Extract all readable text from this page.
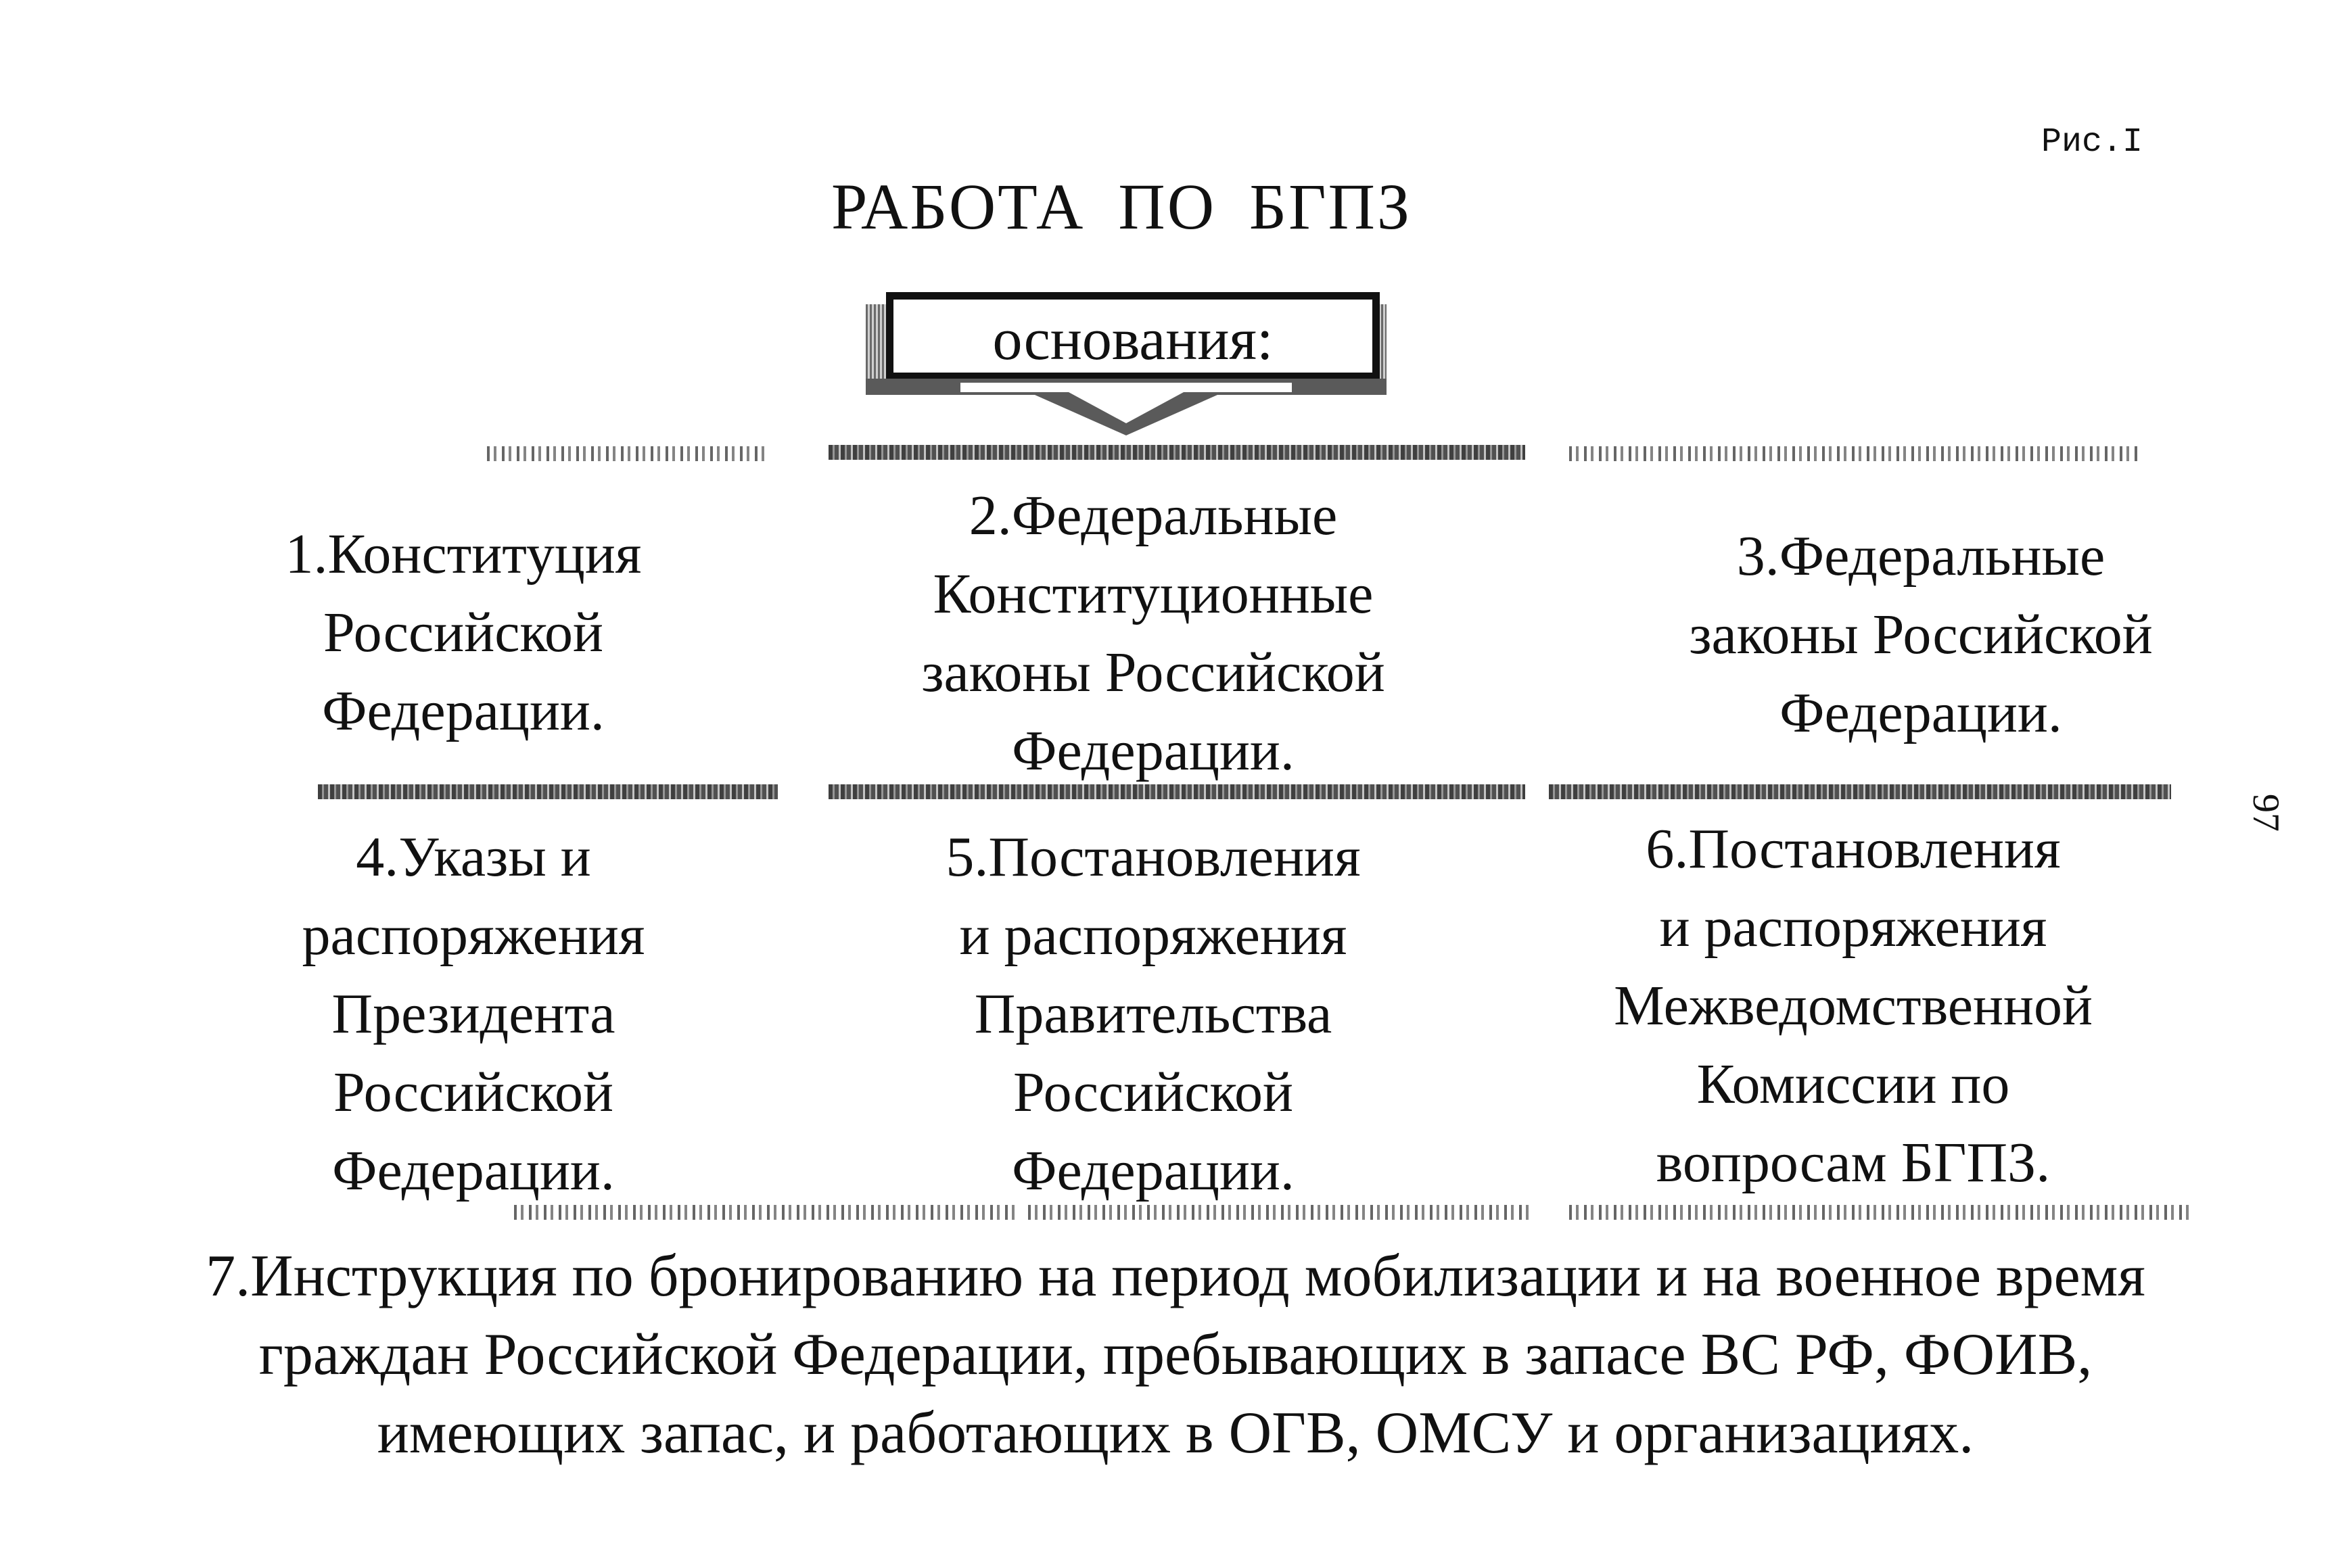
Рис.I
РАБОТА ПО БГПЗ
основания:
1.Конституция
Российской
Федерации.
2.Федеральные
Конституционные
законы Российской
Федерации.
3.Федеральные
законы Российской
Федерации.
4.Указы и
распоряжения
Президента
Российской
Федерации.
5.Постановления
и распоряжения
Правительства
Российской
Федерации.
6.Постановления
и распоряжения
Межведомственной
Комиссии по
вопросам БГПЗ.
97
7.Инструкция по бронированию на период мобилизации и на военное время
граждан Российской Федерации, пребывающих в запасе ВС РФ, ФОИВ,
имеющих запас, и работающих в ОГВ, ОМСУ и организациях.
